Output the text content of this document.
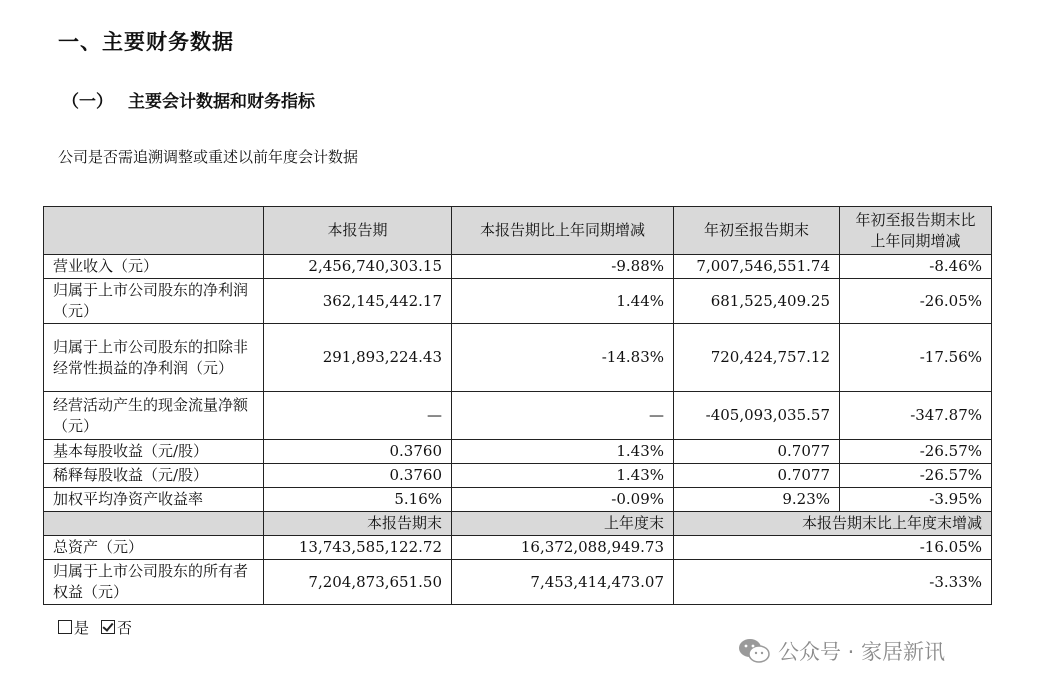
一、主要财务数据
（一） 主要会计数据和财务指标
公司是否需追溯调整或重述以前年度会计数据
	本报告期	本报告期比上年同期增减	年初至报告期末	年初至报告期末比上年同期增减
营业收入（元）	2,456,740,303.15	-9.88%	7,007,546,551.74	-8.46%
归属于上市公司股东的净利润（元）	362,145,442.17	1.44%	681,525,409.25	-26.05%
归属于上市公司股东的扣除非经常性损益的净利润（元）	291,893,224.43	-14.83%	720,424,757.12	-17.56%
经营活动产生的现金流量净额（元）	—	—	-405,093,035.57	-347.87%
基本每股收益（元/股）	0.3760	1.43%	0.7077	-26.57%
稀释每股收益（元/股）	0.3760	1.43%	0.7077	-26.57%
加权平均净资产收益率	5.16%	-0.09%	9.23%	-3.95%
	本报告期末	上年度末	本报告期末比上年度末增减	
总资产（元）	13,743,585,122.72	16,372,088,949.73	-16.05%	
归属于上市公司股东的所有者权益（元）	7,204,873,651.50	7,453,414,473.07	-3.33%	
是 否
公众号 · 家居新讯
